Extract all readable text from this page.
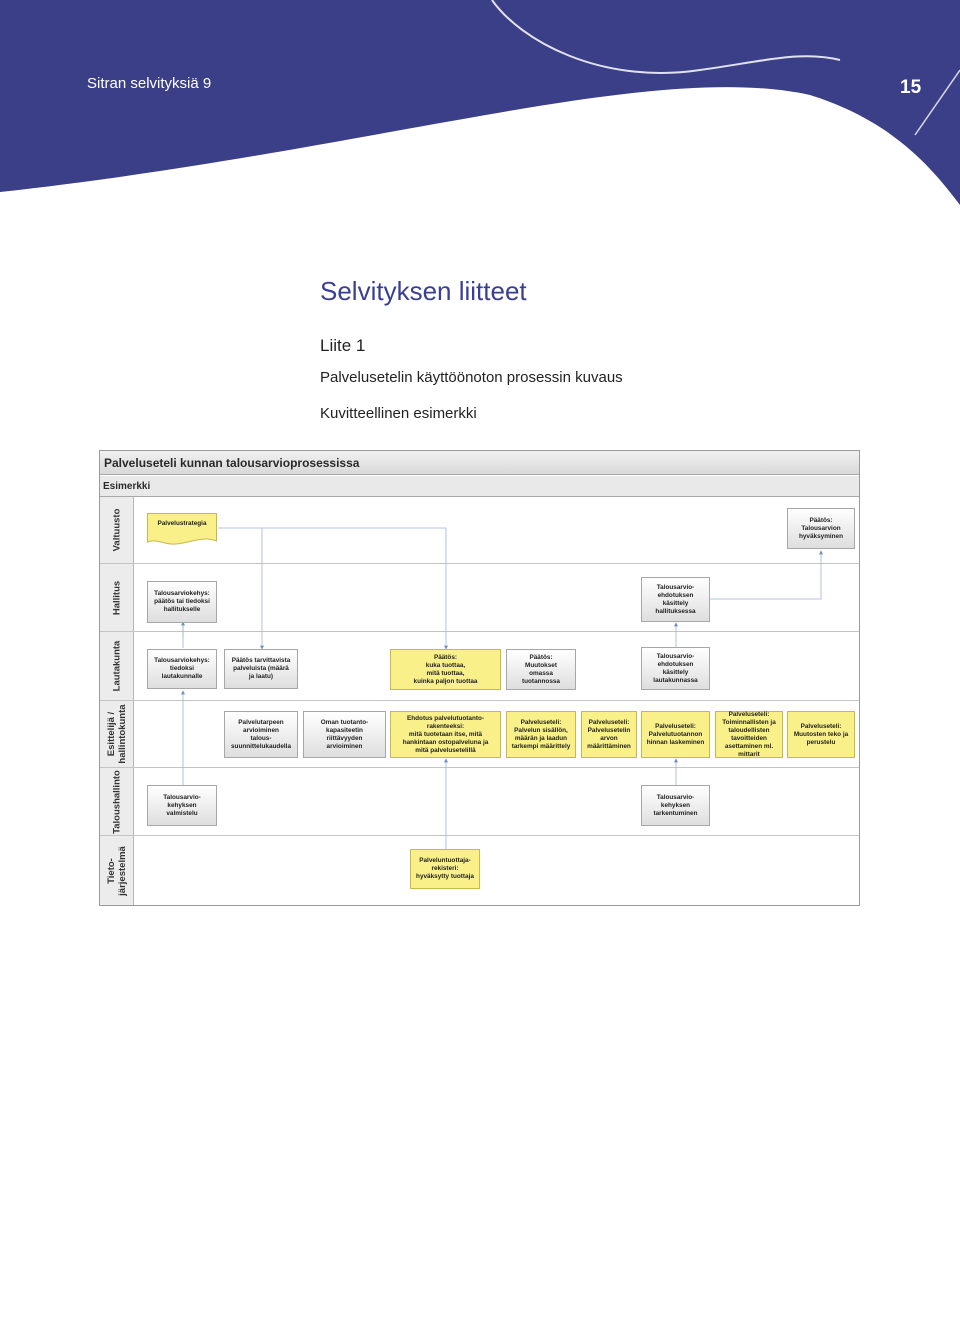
Sitran selvityksiä 9	15
Selvityksen liitteet
Liite 1
Palvelusetelin käyttöönoton prosessin kuvaus
Kuvitteellinen esimerkki
Palveluseteli kunnan talousarvioprosessissa
Esimerkki
Valtuusto
Hallitus
Lautakunta
Esittelijä /
hallintokunta
Taloushallinto
Tieto-
järjestelmä
Palvelustrategia	Päätös:
Talousarvion
hyväksyminen
Talousarviokehys:
päätös tai tiedoksi
hallitukselle
Talousarvio-
ehdotuksen
käsittely
hallituksessa
Talousarviokehys:
tiedoksi
lautakunnalle
Päätös tarvittavista
palveluista (määrä
ja laatu)
Päätös:
kuka tuottaa,
mitä tuottaa,
kuinka paljon tuottaa
Päätös:
Muutokset
omassa
tuotannossa
Talousarvio-
ehdotuksen
käsittely
lautakunnassa
Palvelutarpeen
arvioiminen
talous-
suunnittelukaudella
Oman tuotanto-
kapasiteetin
riittävyyden
arvioiminen
Ehdotus palvelutuotanto-
rakenteeksi:
mitä tuotetaan itse, mitä
hankintaan ostopalveluna ja
mitä palvelusetelillä
Palveluseteli:
Palvelun sisällön,
määrän ja laadun
tarkempi määrittely
Palveluseteli:
Palvelusetelin
arvon
määrittäminen
Palveluseteli:
Palvelutuotannon
hinnan laskeminen
Palveluseteli:
Toiminnallisten ja
taloudellisten
tavoitteiden
asettaminen ml.
mittarit
Palveluseteli:
Muutosten teko ja
perustelu
Talousarvio-
kehyksen
valmistelu
Talousarvio-
kehyksen
tarkentuminen
Palveluntuottaja-
rekisteri:
hyväksytty tuottaja
